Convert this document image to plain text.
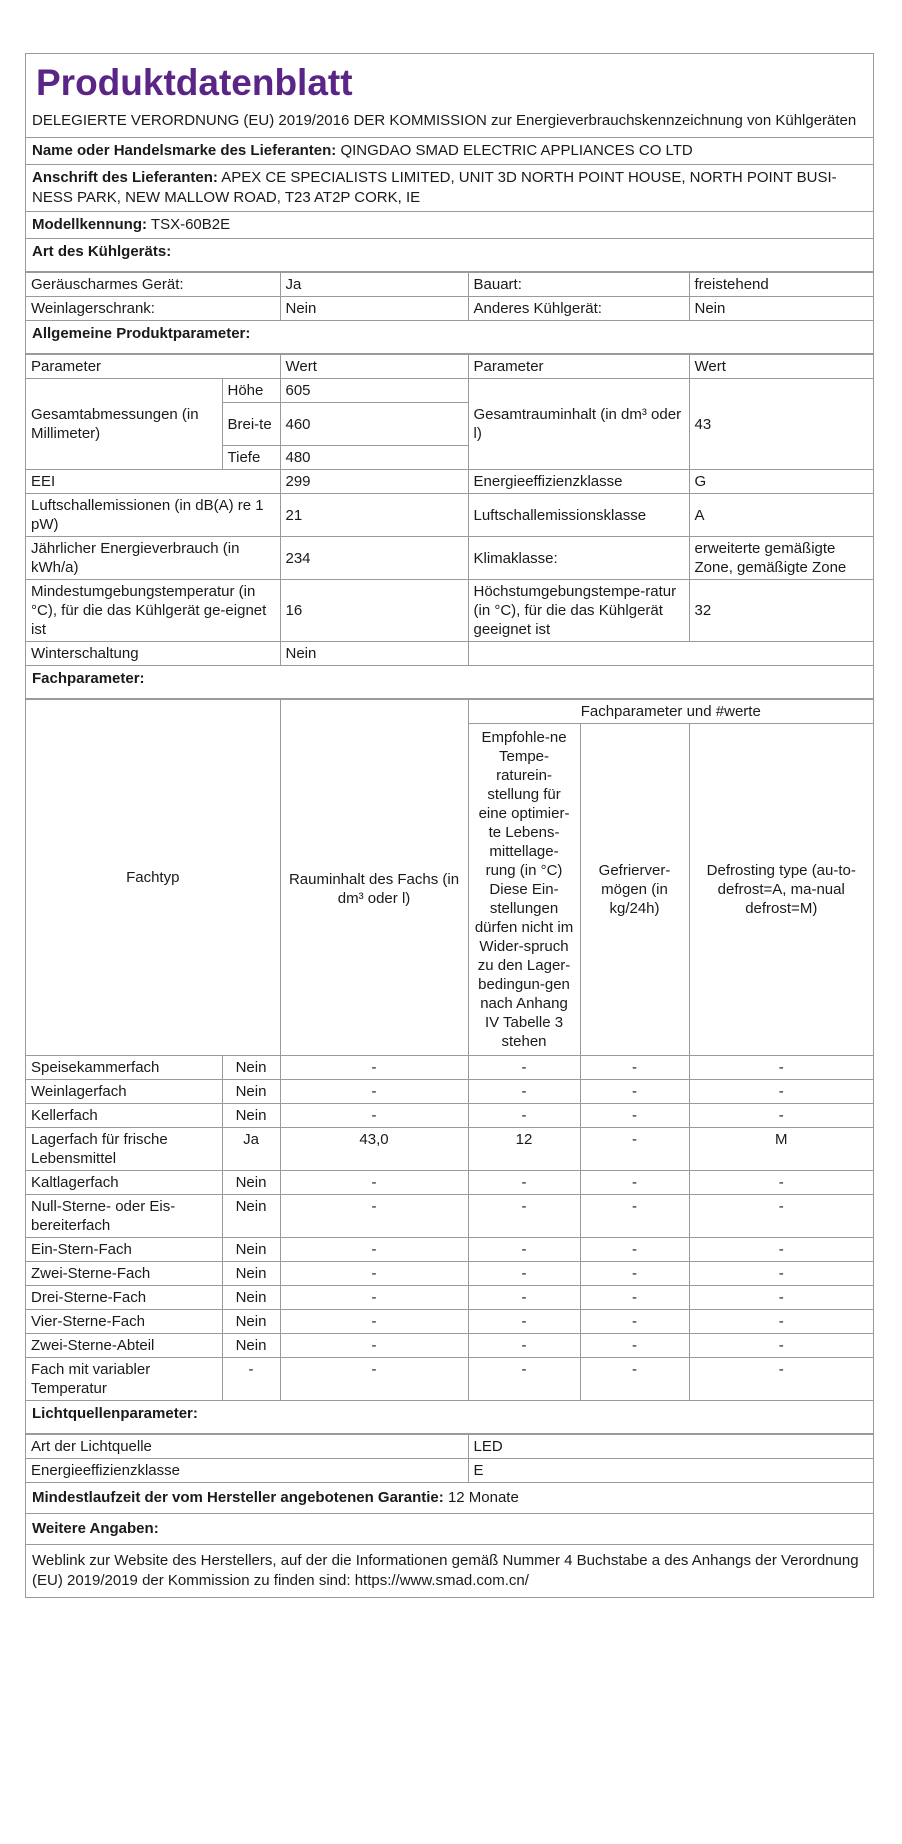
Produktdatenblatt
DELEGIERTE VERORDNUNG (EU) 2019/2016 DER KOMMISSION zur Energieverbrauchskennzeichnung von Kühlgeräten
Name oder Handelsmarke des Lieferanten: QINGDAO SMAD ELECTRIC APPLIANCES CO LTD
Anschrift des Lieferanten: APEX CE SPECIALISTS LIMITED, UNIT 3D NORTH POINT HOUSE, NORTH POINT BUSI-NESS PARK, NEW MALLOW ROAD, T23 AT2P CORK, IE
Modellkennung: TSX-60B2E
Art des Kühlgeräts:
Geräuscharmes Gerät:	Ja	Bauart:	freistehend
Weinlagerschrank:	Nein	Anderes Kühlgerät:	Nein
Allgemeine Produktparameter:
Parameter		Wert	Parameter	Wert
Gesamtabmessungen (in Millimeter)	Höhe	605	Gesamtrauminhalt (in dm³ oder l)	43
	Brei-te	460		
	Tiefe	480		
EEI		299	Energieeffizienzklasse	G
Luftschallemissionen (in dB(A) re 1 pW)		21	Luftschallemissionsklasse	A
Jährlicher Energieverbrauch (in kWh/a)		234	Klimaklasse:	erweiterte gemäßigte Zone, gemäßigte Zone
Mindestumgebungstemperatur (in °C), für die das Kühlgerät ge-eignet ist		16	Höchstumgebungstempe-ratur (in °C), für die das Kühlgerät geeignet ist	32
Winterschaltung		Nein		
Fachparameter:
Fachtyp			Fachparameter und #werte		
		Rauminhalt des Fachs (in dm³ oder l)	Empfohle-ne Tempe-raturein-stellung für eine optimier-te Lebens-mittellage-rung (in °C) Diese Ein-stellungen dürfen nicht im Wider-spruch zu den Lager-bedingun-gen nach Anhang IV Tabelle 3 stehen	Gefrierver-mögen (in kg/24h)	Defrosting type (au-to-defrost=A, ma-nual defrost=M)
Speisekammerfach	Nein	-	-	-	-
Weinlagerfach	Nein	-	-	-	-
Kellerfach	Nein	-	-	-	-
Lagerfach für frische Lebensmittel	Ja	43,0	12	-	M
Kaltlagerfach	Nein	-	-	-	-
Null-Sterne- oder Eis-bereiterfach	Nein	-	-	-	-
Ein-Stern-Fach	Nein	-	-	-	-
Zwei-Sterne-Fach	Nein	-	-	-	-
Drei-Sterne-Fach	Nein	-	-	-	-
Vier-Sterne-Fach	Nein	-	-	-	-
Zwei-Sterne-Abteil	Nein	-	-	-	-
Fach mit variabler Temperatur	-	-	-	-	-
Lichtquellenparameter:
Art der Lichtquelle	LED
Energieeffizienzklasse	E
Mindestlaufzeit der vom Hersteller angebotenen Garantie: 12 Monate
Weitere Angaben:
Weblink zur Website des Herstellers, auf der die Informationen gemäß Nummer 4 Buchstabe a des Anhangs der Verordnung (EU) 2019/2019 der Kommission zu finden sind: https://www.smad.com.cn/
